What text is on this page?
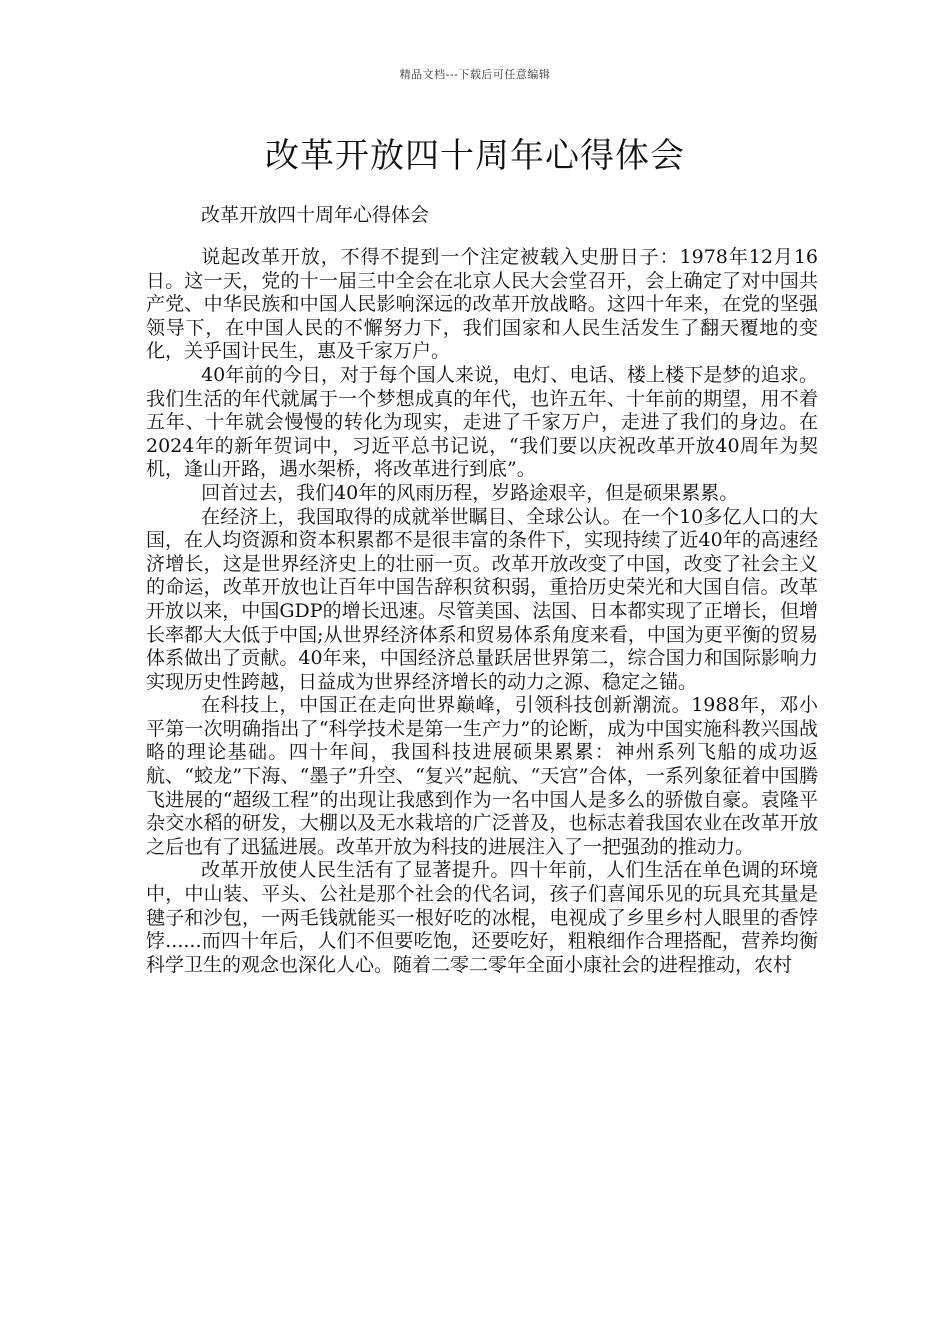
精品文档---下载后可任意编辑
改革开放四十周年心得体会

改革开放四十周年心得体会

说起改革开放，不得不提到一个注定被载入史册日子：1978年12月16日。这一天，党的十一届三中全会在北京人民大会堂召开，会上确定了对中国共产党、中华民族和中国人民影响深远的改革开放战略。这四十年来，在党的坚强领导下，在中国人民的不懈努力下，我们国家和人民生活发生了翻天覆地的变化，关乎国计民生，惠及千家万户。

40年前的今日，对于每个国人来说，电灯、电话、楼上楼下是梦的追求。我们生活的年代就属于一个梦想成真的年代，也许五年、十年前的期望，用不着五年、十年就会慢慢的转化为现实，走进了千家万户，走进了我们的身边。在2024年的新年贺词中，习近平总书记说，“我们要以庆祝改革开放40周年为契机，逢山开路，遇水架桥，将改革进行到底”。

回首过去，我们40年的风雨历程，岁路途艰辛，但是硕果累累。

在经济上，我国取得的成就举世瞩目、全球公认。在一个10多亿人口的大国，在人均资源和资本积累都不是很丰富的条件下，实现持续了近40年的高速经济增长，这是世界经济史上的壮丽一页。改革开放改变了中国，改变了社会主义的命运，改革开放也让百年中国告辞积贫积弱，重拾历史荣光和大国自信。改革开放以来，中国GDP的增长迅速。尽管美国、法国、日本都实现了正增长，但增长率都大大低于中国;从世界经济体系和贸易体系角度来看，中国为更平衡的贸易体系做出了贡献。40年来，中国经济总量跃居世界第二，综合国力和国际影响力实现历史性跨越，日益成为世界经济增长的动力之源、稳定之锚。

在科技上，中国正在走向世界巅峰，引领科技创新潮流。1988年，邓小平第一次明确指出了“科学技术是第一生产力”的论断，成为中国实施科教兴国战略的理论基础。四十年间，我国科技进展硕果累累：神州系列飞船的成功返航、“蛟龙”下海、“墨子”升空、“复兴”起航、“天宫”合体，一系列象征着中国腾飞进展的“超级工程”的出现让我感到作为一名中国人是多么的骄傲自豪。袁隆平杂交水稻的研发，大棚以及无水栽培的广泛普及，也标志着我国农业在改革开放之后也有了迅猛进展。改革开放为科技的进展注入了一把强劲的推动力。

改革开放使人民生活有了显著提升。四十年前，人们生活在单色调的环境中，中山装、平头、公社是那个社会的代名词，孩子们喜闻乐见的玩具充其量是毽子和沙包，一两毛钱就能买一根好吃的冰棍，电视成了乡里乡村人眼里的香饽饽......而四十年后，人们不但要吃饱，还要吃好，粗粮细作合理搭配，营养均衡科学卫生的观念也深化人心。随着二零二零年全面小康社会的进程推动，农村
